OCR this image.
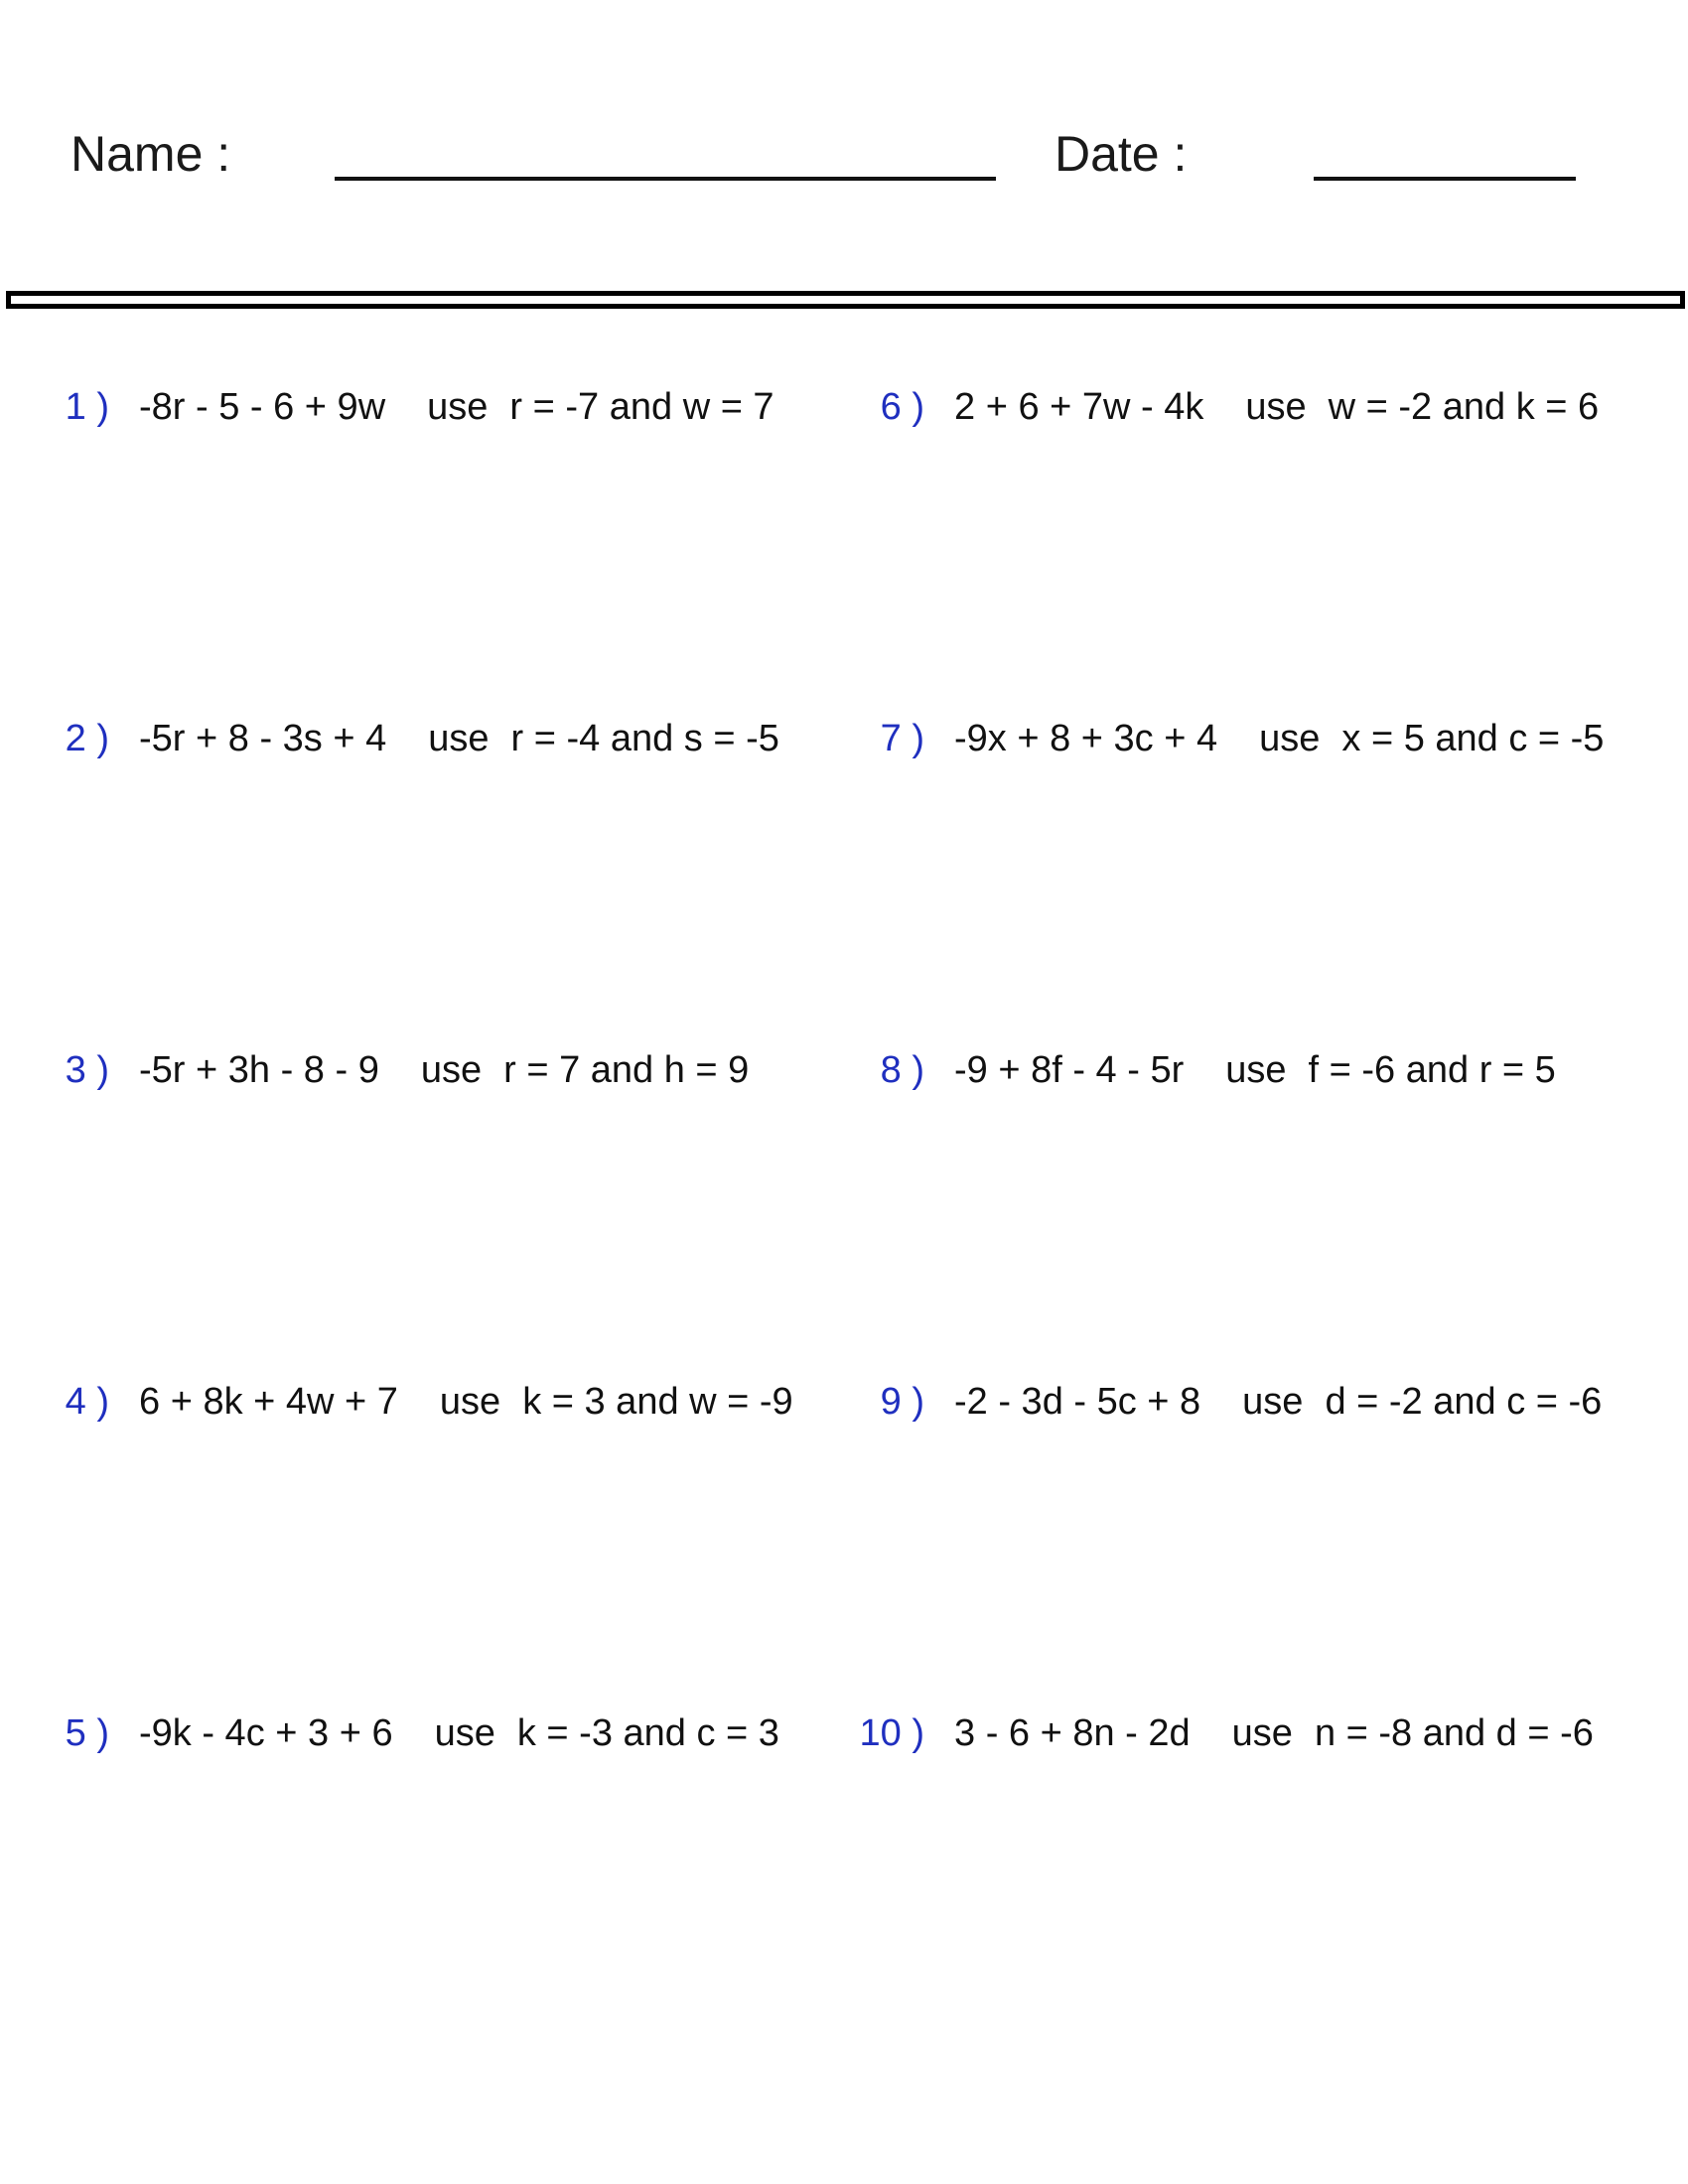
Name :	Date :
1 ) -8r - 5 - 6 + 9w use r = -7 and w = 7
2 ) -5r + 8 - 3s + 4 use r = -4 and s = -5
3 ) -5r + 3h - 8 - 9 use r = 7 and h = 9
4 ) 6 + 8k + 4w + 7 use k = 3 and w = -9
5 ) -9k - 4c + 3 + 6 use k = -3 and c = 3
6 ) 2 + 6 + 7w - 4k use w = -2 and k = 6
7 ) -9x + 8 + 3c + 4 use x = 5 and c = -5
8 ) -9 + 8f - 4 - 5r use f = -6 and r = 5
9 ) -2 - 3d - 5c + 8 use d = -2 and c = -6
10 ) 3 - 6 + 8n - 2d use n = -8 and d = -6
